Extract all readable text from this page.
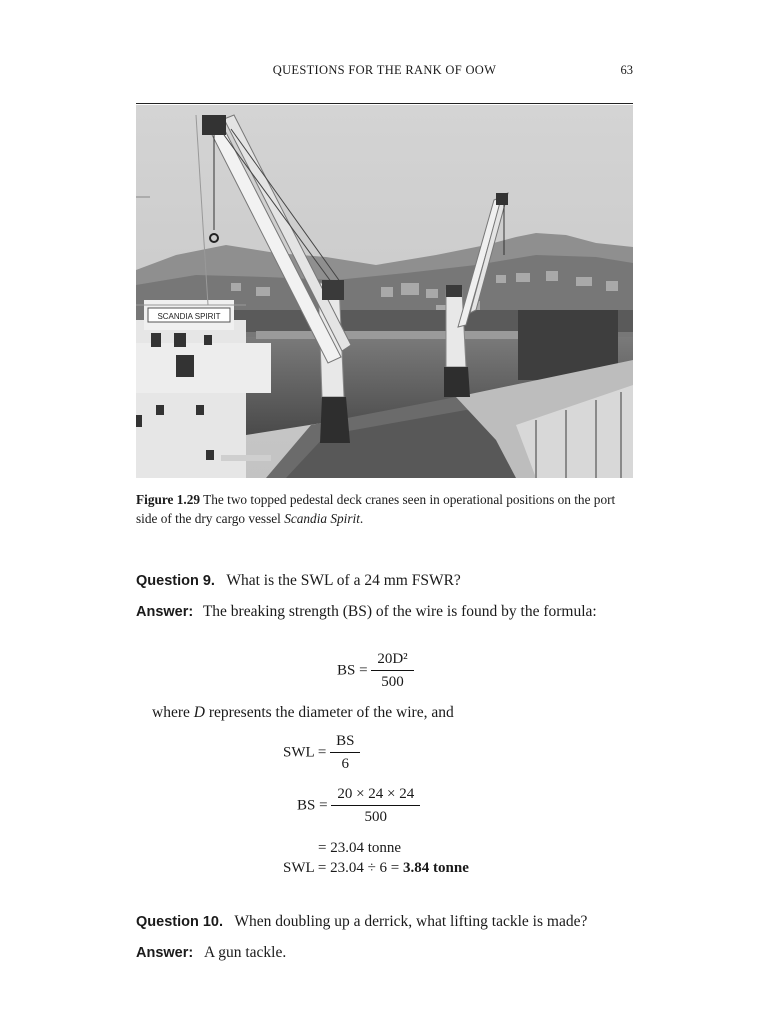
QUESTIONS FOR THE RANK OF OOW	63
SCANDIA SPIRIT
Figure 1.29 The two topped pedestal deck cranes seen in operational positions on the port side of the dry cargo vessel Scandia Spirit.
Question 9. What is the SWL of a 24 mm FSWR?
Answer: The breaking strength (BS) of the wire is found by the formula:
BS = $\frac{\text{20D²}}{500}$
where D represents the diameter of the wire, and
SWL = $\frac{BS}{6}$
BS = $\frac{20 \times 24 \times 24}{500}$
= 23.04 tonne
SWL = 23.04 ÷ 6 = 3.84 tonne
Question 10. When doubling up a derrick, what lifting tackle is made?
Answer: A gun tackle.
